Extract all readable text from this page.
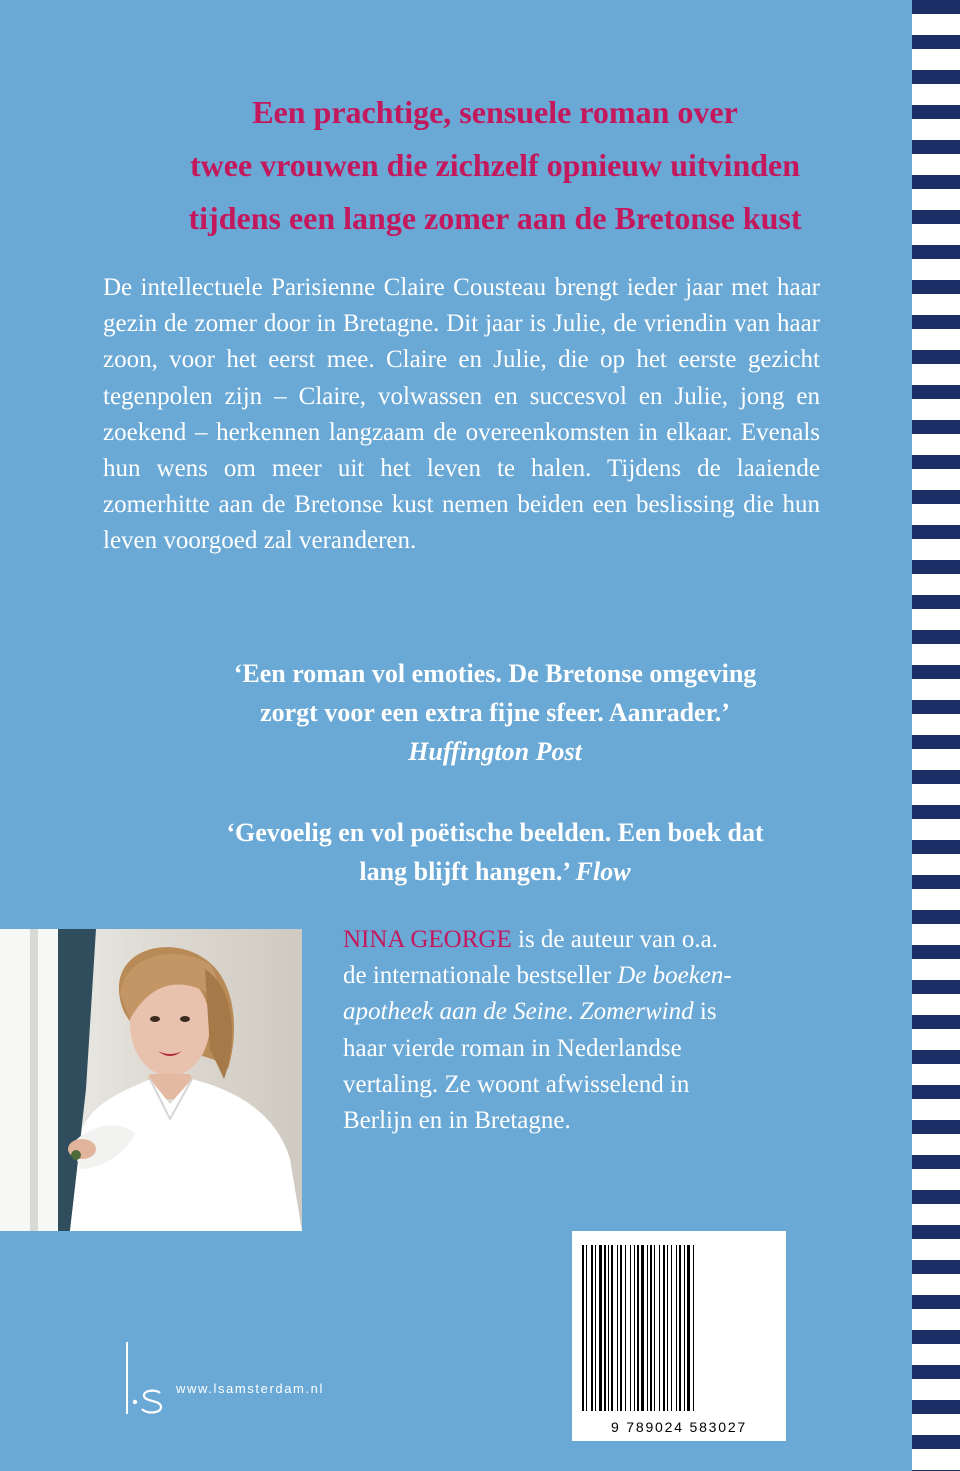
Een prachtige, sensuele roman over
twee vrouwen die zichzelf opnieuw uitvinden
tijdens een lange zomer aan de Bretonse kust

De intellectuele Parisienne Claire Cousteau brengt ieder jaar met haar gezin de zomer door in Bretagne. Dit jaar is Julie, de vriendin van haar zoon, voor het eerst mee. Claire en Julie, die op het eerste gezicht tegenpolen zijn – Claire, volwassen en succesvol en Julie, jong en zoekend – herkennen langzaam de overeenkomsten in elkaar. Evenals hun wens om meer uit het leven te halen. Tijdens de laaiende zomerhitte aan de Bretonse kust nemen beiden een beslissing die hun leven voorgoed zal veranderen.

‘Een roman vol emoties. De Bretonse omgeving
zorgt voor een extra fijne sfeer. Aanrader.’
Huffington Post

‘Gevoelig en vol poëtische beelden. Een boek dat
lang blijft hangen.’ Flow

NINA GEORGE is de auteur van o.a. de internationale bestseller De boeken-apotheek aan de Seine. Zomerwind is haar vierde roman in Nederlandse vertaling. Ze woont afwisselend in Berlijn en in Bretagne.

9 789024 583027
www.lsamsterdam.nl
